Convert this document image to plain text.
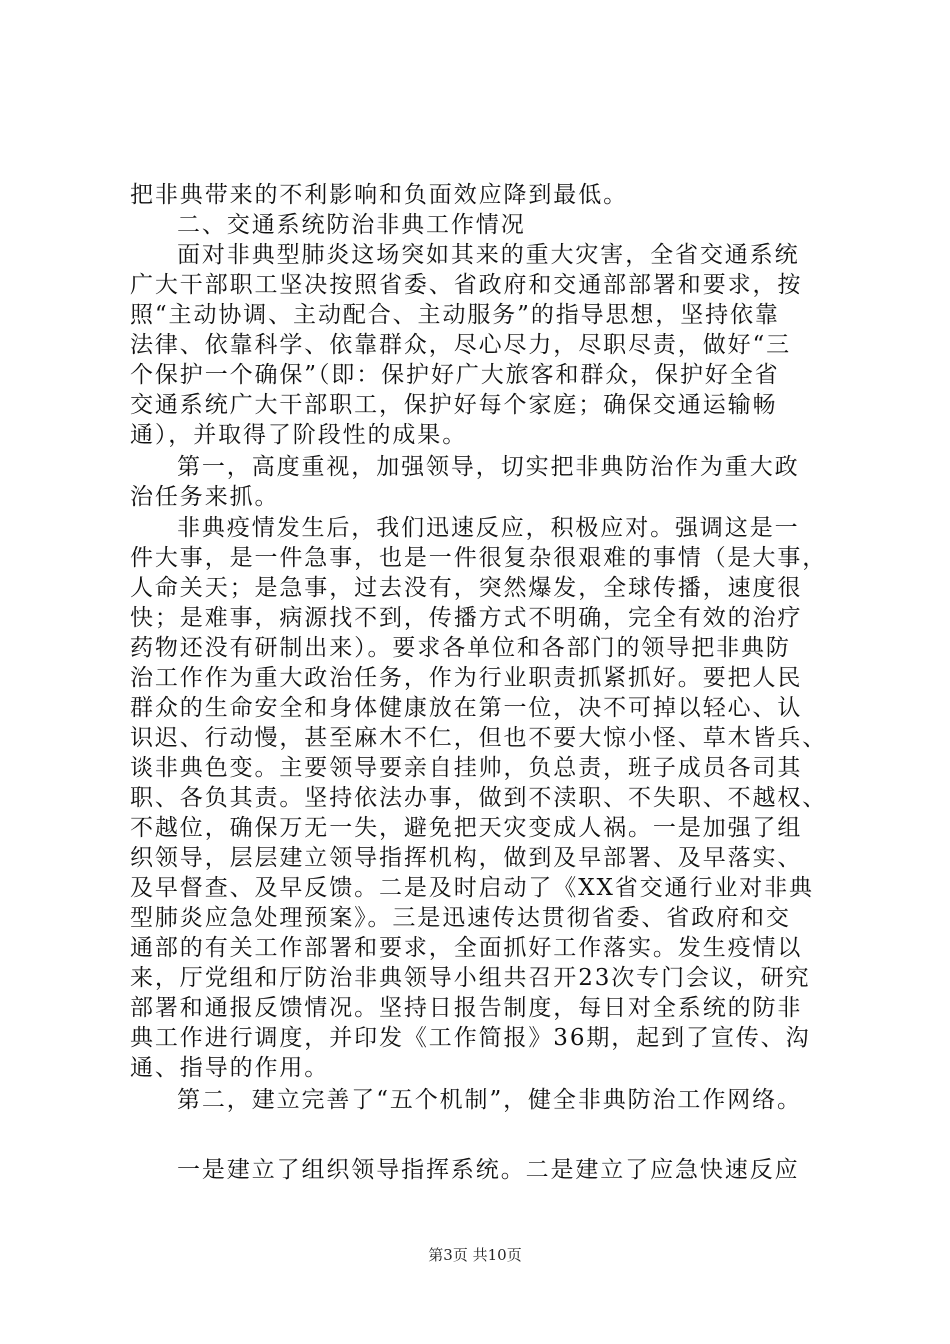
把非典带来的不利影响和负面效应降到最低。
二、交通系统防治非典工作情况
面对非典型肺炎这场突如其来的重大灾害，全省交通系统
广大干部职工坚决按照省委、省政府和交通部部署和要求，按
照“主动协调、主动配合、主动服务”的指导思想，坚持依靠
法律、依靠科学、依靠群众，尽心尽力，尽职尽责，做好“三
个保护一个确保”（即：保护好广大旅客和群众，保护好全省
交通系统广大干部职工，保护好每个家庭；确保交通运输畅
通），并取得了阶段性的成果。
第一，高度重视，加强领导，切实把非典防治作为重大政
治任务来抓。
非典疫情发生后，我们迅速反应，积极应对。强调这是一
件大事，是一件急事，也是一件很复杂很艰难的事情（是大事，
人命关天；是急事，过去没有，突然爆发，全球传播，速度很
快；是难事，病源找不到，传播方式不明确，完全有效的治疗
药物还没有研制出来）。要求各单位和各部门的领导把非典防
治工作作为重大政治任务，作为行业职责抓紧抓好。要把人民
群众的生命安全和身体健康放在第一位，决不可掉以轻心、认
识迟、行动慢，甚至麻木不仁，但也不要大惊小怪、草木皆兵、
谈非典色变。主要领导要亲自挂帅，负总责，班子成员各司其
职、各负其责。坚持依法办事，做到不渎职、不失职、不越权、
不越位，确保万无一失，避免把天灾变成人祸。一是加强了组
织领导，层层建立领导指挥机构，做到及早部署、及早落实、
及早督查、及早反馈。二是及时启动了《XX省交通行业对非典
型肺炎应急处理预案》。三是迅速传达贯彻省委、省政府和交
通部的有关工作部署和要求，全面抓好工作落实。发生疫情以
来，厅党组和厅防治非典领导小组共召开23次专门会议，研究
部署和通报反馈情况。坚持日报告制度，每日对全系统的防非
典工作进行调度，并印发《工作简报》36期，起到了宣传、沟
通、指导的作用。
第二，建立完善了“五个机制”，健全非典防治工作网络。
一是建立了组织领导指挥系统。二是建立了应急快速反应
第3页 共10页
